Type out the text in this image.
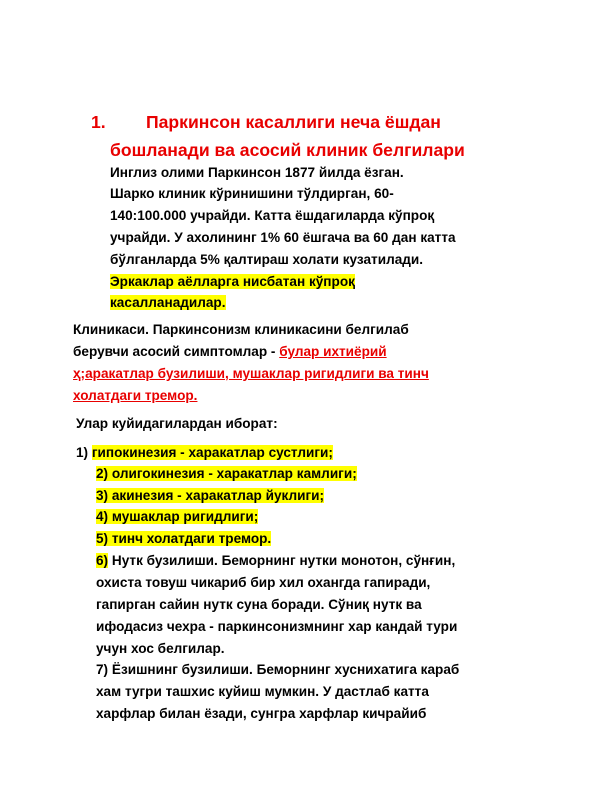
1. Паркинсон касаллиги неча ёшдан
бошланади ва асосий клиник белгилари
Инглиз олими Паркинсон 1877 йилда ёзган.
Шарко клиник кўринишини тўлдирган, 60-
140:100.000 учрайди. Катта ёшдагиларда кўпроқ
учрайди. У ахолининг 1% 60 ёшгача ва 60 дан катта
бўлганларда 5% қалтираш холати кузатилади.
Эркаклар аёлларга нисбатан кўпроқ
касалланадилар.
Клиникаси. Паркинсонизм клиникасини белгилаб
берувчи асосий симптомлар - булар ихтиёрий
ҳ;аракатлар бузилиши, мушаклар ригидлиги ва тинч
холатдаги тремор.
Улар куйидагилардан иборат:
1) гипокинезия - харакатлар сустлиги;
2) олигокинезия - харакатлар камлиги;
3) акинезия - харакатлар йуклиги;
4) мушаклар ригидлиги;
5) тинч холатдаги тремор.
6) Нутк бузилиши. Беморнинг нутки монотон, сўнғин,
охиста товуш чикариб бир хил охангда гапиради,
гапирган сайин нутк суна боради. Сўниқ нутк ва
ифодасиз чехра - паркинсонизмнинг хар кандай тури
учун хос белгилар.
7) Ёзишнинг бузилиши. Беморнинг хуснихатига караб
хам тугри ташхис куйиш мумкин. У дастлаб катта
харфлар билан ёзади, сунгра харфлар кичрайиб
